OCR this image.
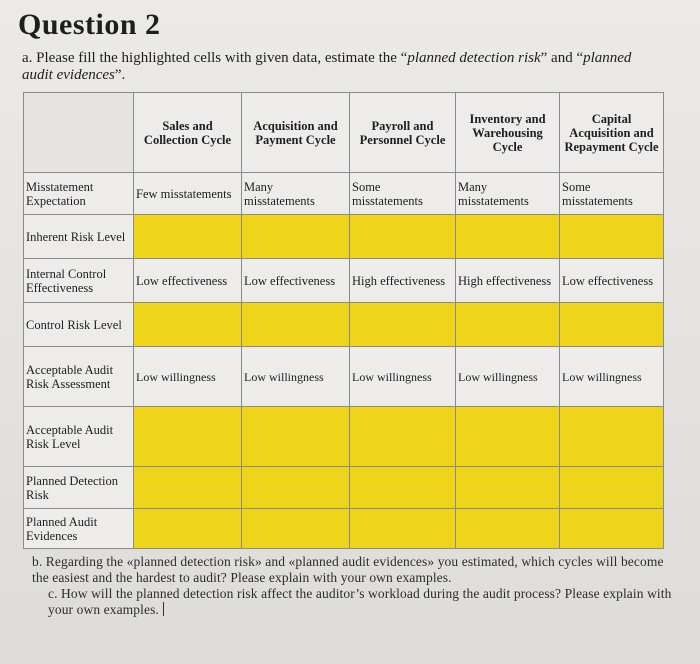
Question 2
a. Please fill the highlighted cells with given data, estimate the “planned detection risk” and “planned audit evidences”.
	Sales and Collection Cycle	Acquisition and Payment Cycle	Payroll and Personnel Cycle	Inventory and Warehousing Cycle	Capital Acquisition and Repayment Cycle
Misstatement Expectation	Few misstatements	Many misstatements	Some misstatements	Many misstatements	Some misstatements
Inherent Risk Level					
Internal Control Effectiveness	Low effectiveness	Low effectiveness	High effectiveness	High effectiveness	Low effectiveness
Control Risk Level					
Acceptable Audit Risk Assessment	Low willingness	Low willingness	Low willingness	Low willingness	Low willingness
Acceptable Audit Risk Level					
Planned Detection Risk					
Planned Audit Evidences					

b. Regarding the «planned detection risk» and «planned audit evidences» you estimated, which cycles will become the easiest and the hardest to audit? Please explain with your own examples.

c. How will the planned detection risk affect the auditor’s workload during the audit process? Please explain with your own examples.
